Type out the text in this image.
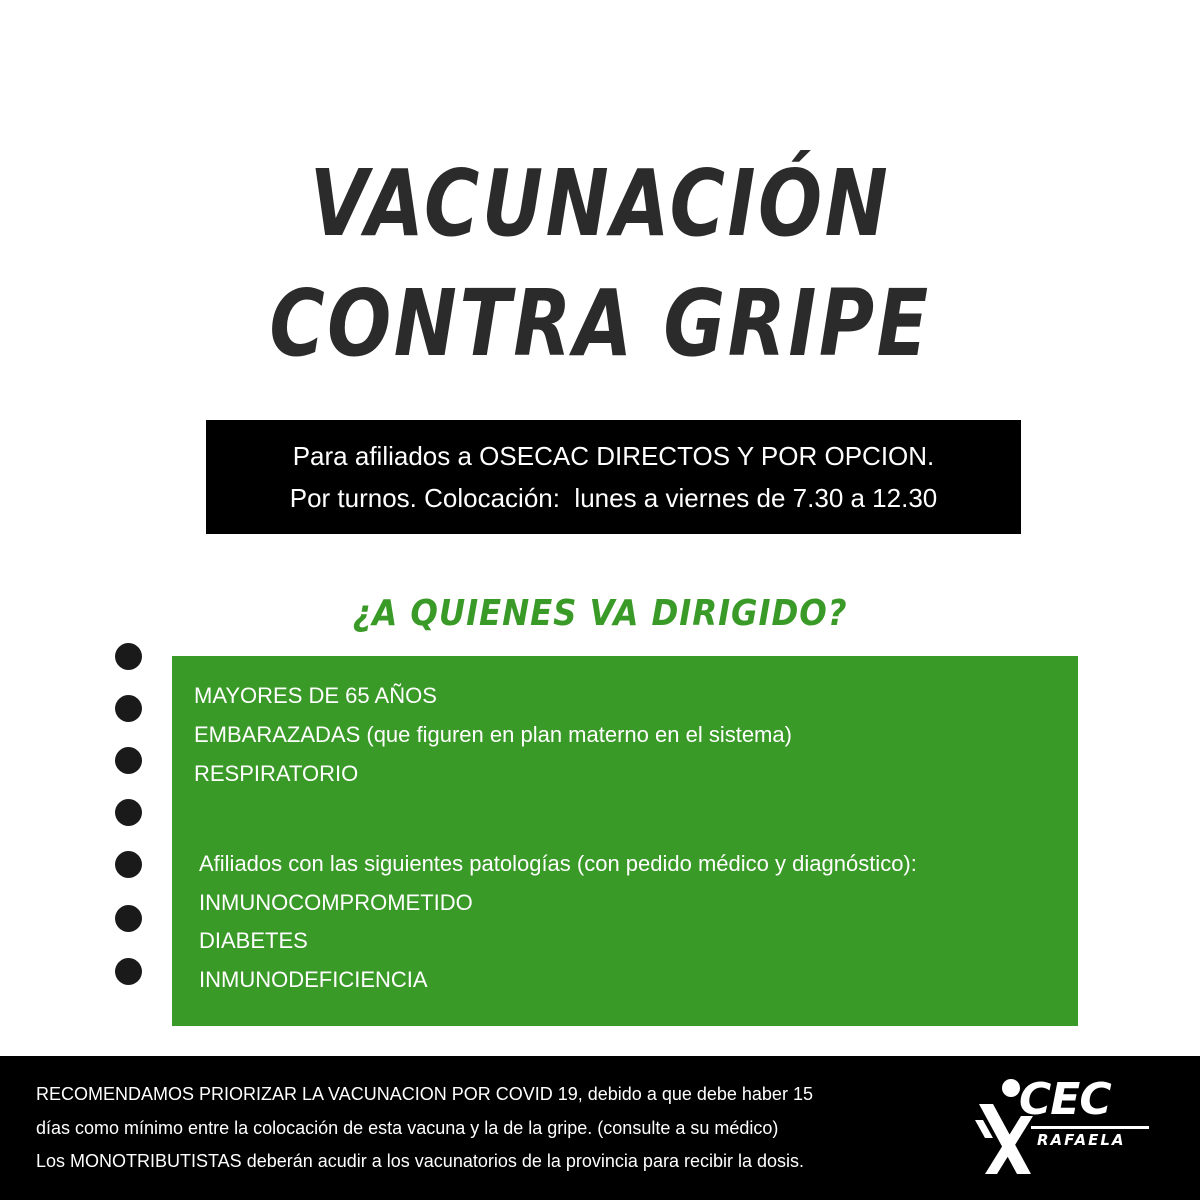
VACUNACIÓN
CONTRA GRIPE
Para afiliados a OSECAC DIRECTOS Y POR OPCION.
Por turnos. Colocación:  lunes a viernes de 7.30 a 12.30
¿A QUIENES VA DIRIGIDO?
MAYORES DE 65 AÑOS
EMBARAZADAS (que figuren en plan materno en el sistema)
RESPIRATORIO
Afiliados con las siguientes patologías (con pedido médico y diagnóstico):
INMUNOCOMPROMETIDO
DIABETES
INMUNODEFICIENCIA
RECOMENDAMOS PRIORIZAR LA VACUNACION POR COVID 19, debido a que debe haber 15
días como mínimo entre la colocación de esta vacuna y la de la gripe. (consulte a su médico)
Los MONOTRIBUTISTAS deberán acudir a los vacunatorios de la provincia para recibir la dosis.
CEC
RAFAELA
